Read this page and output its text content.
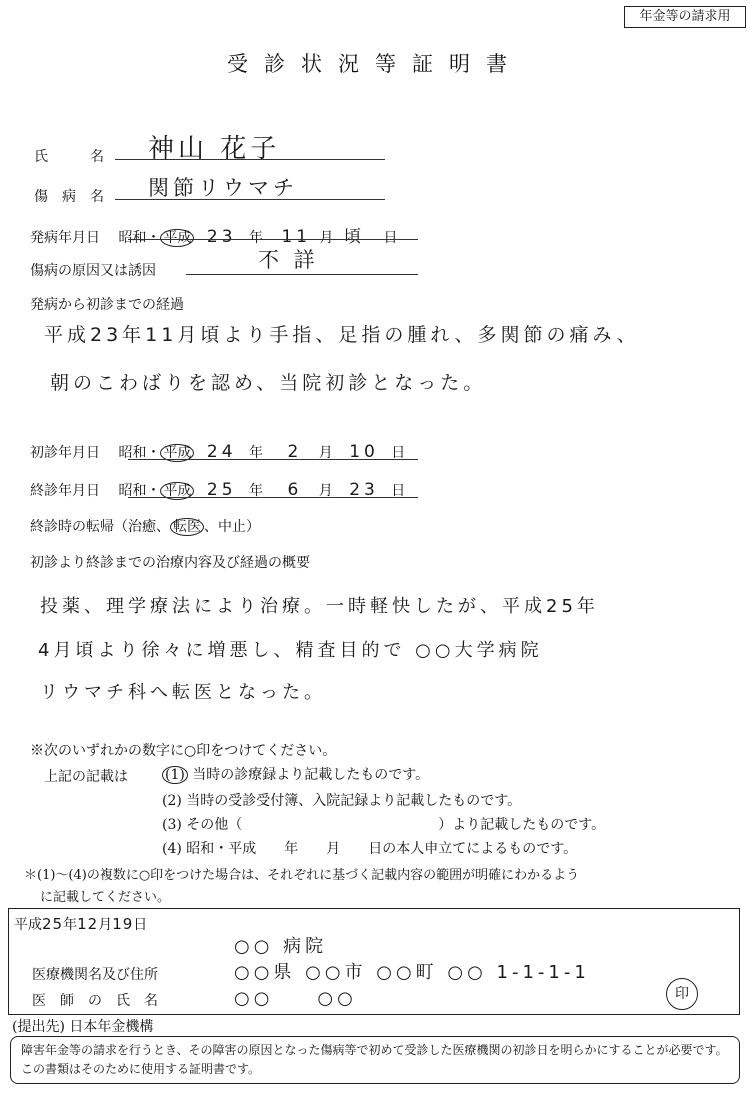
年金等の請求用
受診状況等証明書
氏　　　名 神山 花子
傷　病　名 関節リウマチ
発病年月日 昭和・ 平成 23 年 11 月 頃 日
傷病の原因又は誘因	不 詳
発病から初診までの経過
平成23年11月頃より手指、足指の腫れ、多関節の痛み、
朝のこわばりを認め、当院初診となった。
初診年月日 昭和・ 平成 24 年 2 月 10 日
終診年月日 昭和・ 平成 25 年 6 月 23 日
終診時の転帰（治癒、 転医 、中止）
初診より終診までの治療内容及び経過の概要
投薬、理学療法により治療。一時軽快したが、平成25年
4月頃より徐々に増悪し、精査目的で ○○大学病院
リウマチ科へ転医となった。
※次のいずれかの数字に○印をつけてください。
上記の記載は	(1) 当時の診療録より記載したものです。
(2) 当時の受診受付簿、入院記録より記載したものです。
(3) その他（　　　　　　　　　　　　　　）より記載したものです。
(4) 昭和・平成　　年　　月　　日の本人申立てによるものです。
＊(1)～(4)の複数に○印をつけた場合は、それぞれに基づく記載内容の範囲が明確にわかるよう
に記載してください。
平成25年12月19日
○○ 病院
医療機関名及び住所	○○県 ○○市 ○○町 ○○ 1-1-1-1
医　師　の　氏　名	○○　　○○	印
(提出先) 日本年金機構
障害年金等の請求を行うとき、その障害の原因となった傷病等で初めて受診した医療機関の初診日を明らかにすることが必要です。この書類はそのために使用する証明書です。
